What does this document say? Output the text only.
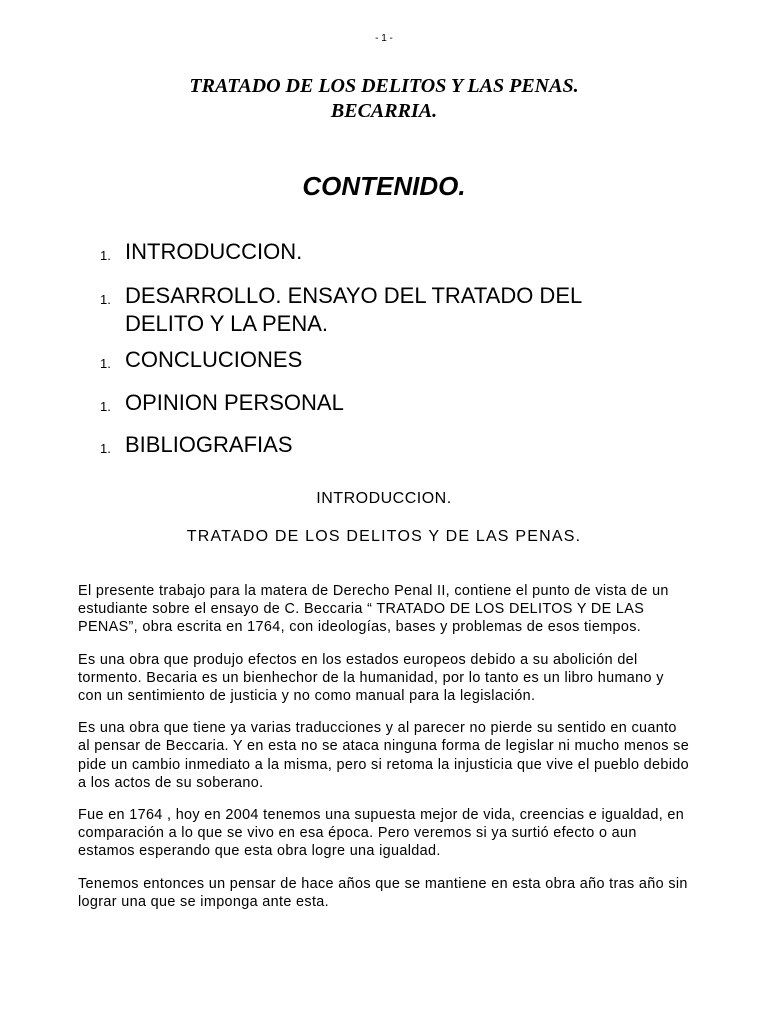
- 1 -
TRATADO DE LOS DELITOS Y LAS PENAS.
BECARRIA.
CONTENIDO.
1. INTRODUCCION.
1. DESARROLLO. ENSAYO DEL TRATADO DEL DELITO Y LA PENA.
1. CONCLUCIONES
1. OPINION PERSONAL
1. BIBLIOGRAFIAS
INTRODUCCION.
TRATADO DE LOS DELITOS Y DE LAS PENAS.

El presente trabajo para la matera de Derecho Penal II, contiene el punto de vista de un estudiante sobre el ensayo de C. Beccaria “ TRATADO DE LOS DELITOS Y DE LAS PENAS”, obra escrita en 1764, con ideologías, bases y problemas de esos tiempos.

Es una obra que produjo efectos en los estados europeos debido a su abolición del tormento. Becaria es un bienhechor de la humanidad, por lo tanto es un libro humano y con un sentimiento de justicia y no como manual para la legislación.

Es una obra que tiene ya varias traducciones y al parecer no pierde su sentido en cuanto al pensar de Beccaria. Y en esta no se ataca ninguna forma de legislar ni mucho menos se pide un cambio inmediato a la misma, pero si retoma la injusticia que vive el pueblo debido a los actos de su soberano.

Fue en 1764 , hoy en 2004 tenemos una supuesta mejor de vida, creencias e igualdad, en comparación a lo que se vivo en esa época. Pero veremos si ya surtió efecto o aun estamos esperando que esta obra logre una igualdad.

Tenemos entonces un pensar de hace años que se mantiene en esta obra año tras año sin lograr una que se imponga ante esta.
